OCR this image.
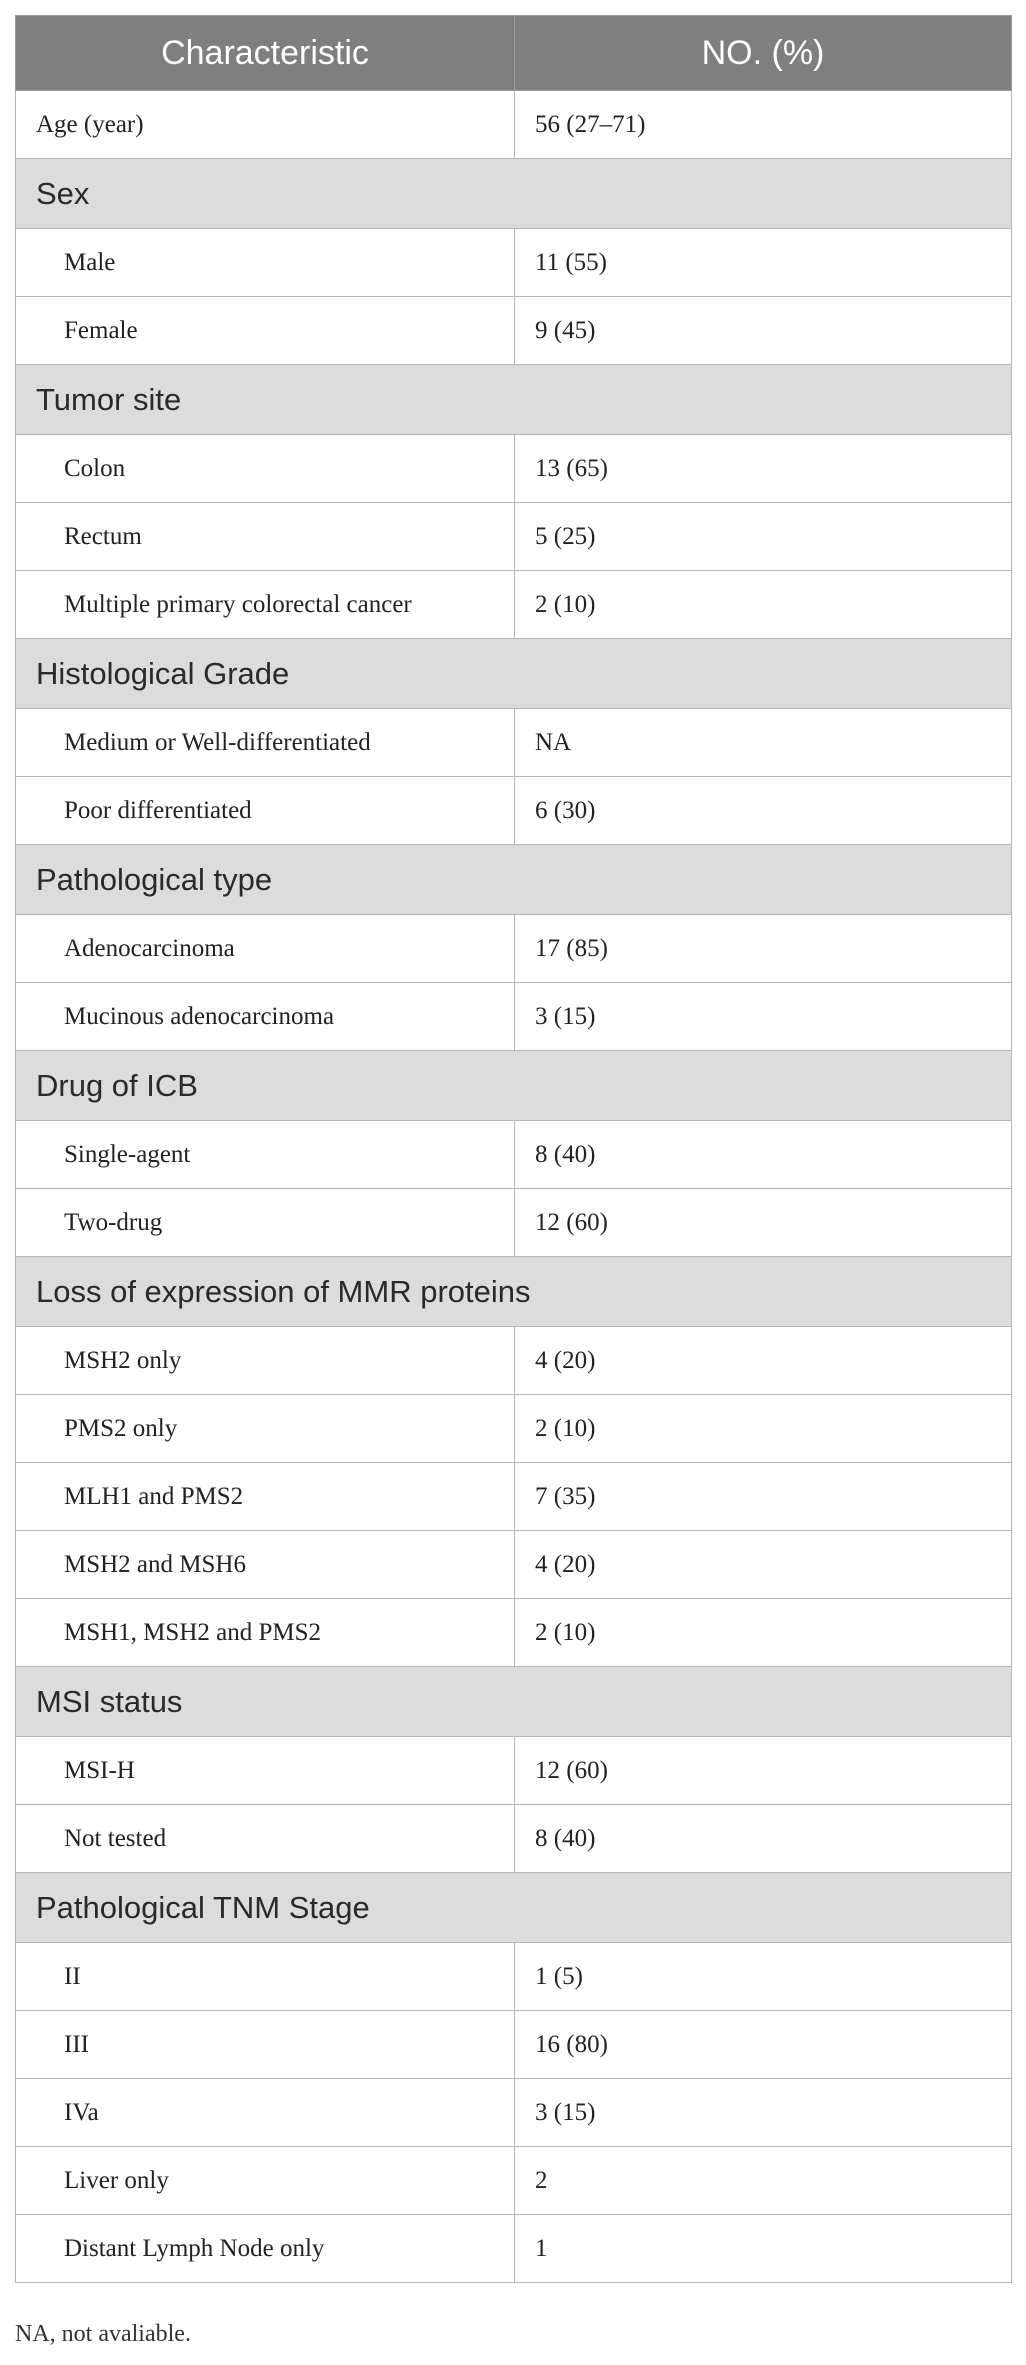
Characteristic	NO. (%)
Age (year)	56 (27–71)
Sex	
Male	11 (55)
Female	9 (45)
Tumor site	
Colon	13 (65)
Rectum	5 (25)
Multiple primary colorectal cancer	2 (10)
Histological Grade	
Medium or Well-differentiated	NA
Poor differentiated	6 (30)
Pathological type	
Adenocarcinoma	17 (85)
Mucinous adenocarcinoma	3 (15)
Drug of ICB	
Single-agent	8 (40)
Two-drug	12 (60)
Loss of expression of MMR proteins	
MSH2 only	4 (20)
PMS2 only	2 (10)
MLH1 and PMS2	7 (35)
MSH2 and MSH6	4 (20)
MSH1, MSH2 and PMS2	2 (10)
MSI status	
MSI-H	12 (60)
Not tested	8 (40)
Pathological TNM Stage	
II	1 (5)
III	16 (80)
IVa	3 (15)
Liver only	2
Distant Lymph Node only	1
NA, not avaliable.
